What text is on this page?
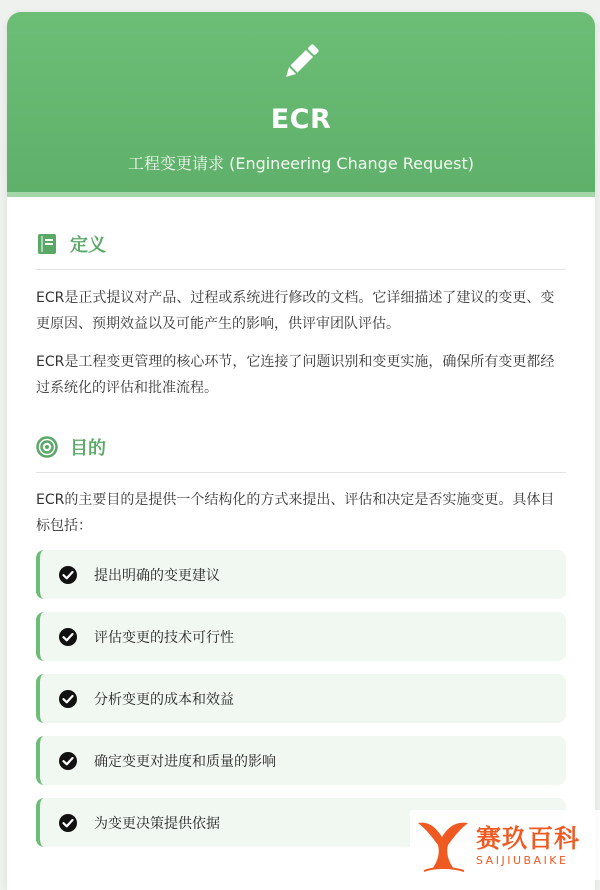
ECR
工程变更请求 (Engineering Change Request)
定义

ECR是正式提议对产品、过程或系统进行修改的文档。它详细描述了建议的变更、变更原因、预期效益以及可能产生的影响，供评审团队评估。

ECR是工程变更管理的核心环节，它连接了问题识别和变更实施，确保所有变更都经过系统化的评估和批准流程。

目的

ECR的主要目的是提供一个结构化的方式来提出、评估和决定是否实施变更。具体目标包括：

提出明确的变更建议
评估变更的技术可行性
分析变更的成本和效益
确定变更对进度和质量的影响
为变更决策提供依据	赛玖百科
SAIJIUBAIKE
